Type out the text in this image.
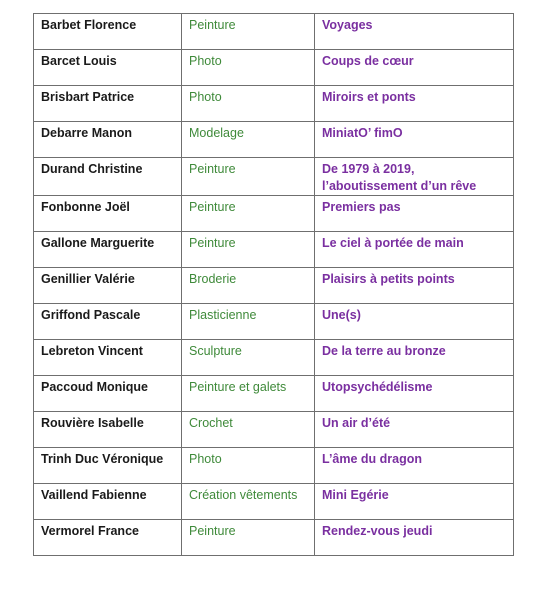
Barbet Florence	Peinture	Voyages
Barcet Louis	Photo	Coups de cœur
Brisbart Patrice	Photo	Miroirs et ponts
Debarre Manon	Modelage	MiniatO’ fimO
Durand Christine	Peinture	De 1979 à 2019,
l’aboutissement d’un rêve
Fonbonne Joël	Peinture	Premiers pas
Gallone Marguerite	Peinture	Le ciel à portée de main
Genillier Valérie	Broderie	Plaisirs à petits points
Griffond Pascale	Plasticienne	Une(s)
Lebreton Vincent	Sculpture	De la terre au bronze
Paccoud Monique	Peinture et galets	Utopsychédélisme
Rouvière Isabelle	Crochet	Un air d’été
Trinh Duc Véronique	Photo	L’âme du dragon
Vaillend Fabienne	Création vêtements	Mini Egérie
Vermorel France	Peinture	Rendez-vous jeudi
